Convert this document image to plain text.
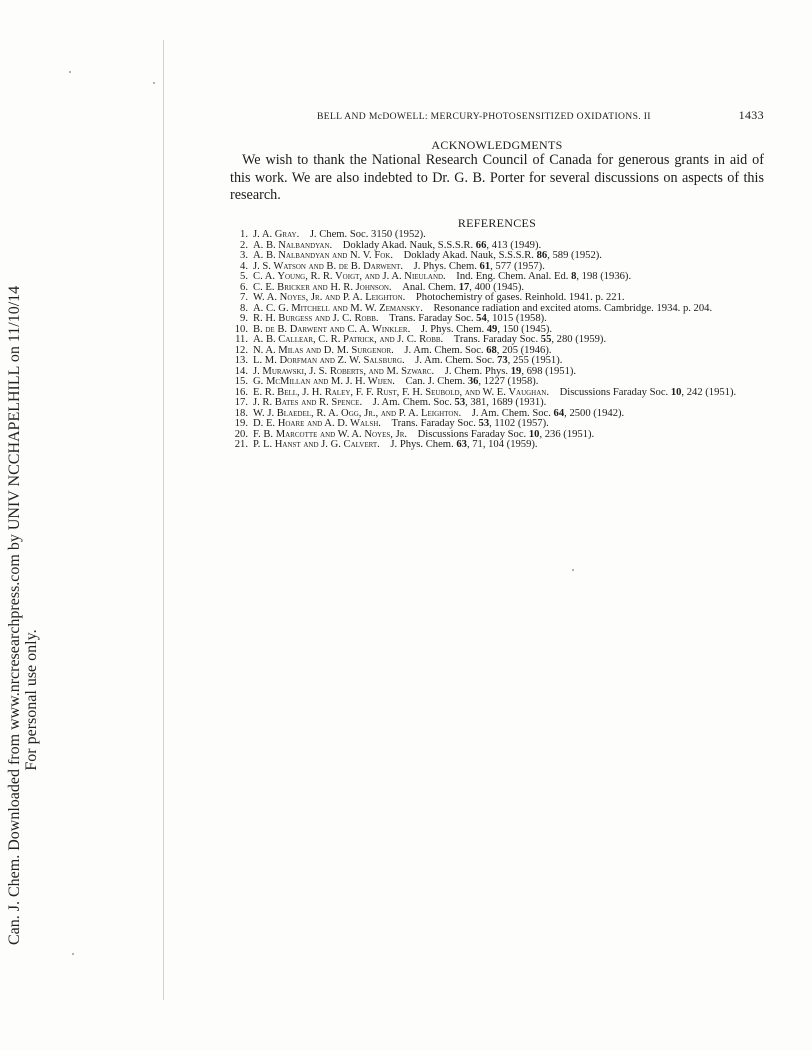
Can. J. Chem. Downloaded from www.nrcresearchpress.com by UNIV NCCHAPELHILL on 11/10/14 For personal use only.
BELL AND McDOWELL: MERCURY-PHOTOSENSITIZED OXIDATIONS. II	1433
ACKNOWLEDGMENTS

We wish to thank the National Research Council of Canada for generous grants in aid of this work. We are also indebted to Dr. G. B. Porter for several discussions on aspects of this research.

REFERENCES
1. J. A. Gray.  J. Chem. Soc. 3150 (1952).
2. A. B. Nalbandyan.  Doklady Akad. Nauk, S.S.S.R. 66, 413 (1949).
3. A. B. Nalbandyan and N. V. Fok.  Doklady Akad. Nauk, S.S.S.R. 86, 589 (1952).
4. J. S. Watson and B. de B. Darwent.  J. Phys. Chem. 61, 577 (1957).
5. C. A. Young, R. R. Voigt, and J. A. Nieuland.  Ind. Eng. Chem. Anal. Ed. 8, 198 (1936).
6. C. E. Bricker and H. R. Johnson.  Anal. Chem. 17, 400 (1945).
7. W. A. Noyes, Jr. and P. A. Leighton.  Photochemistry of gases. Reinhold. 1941. p. 221.
8. A. C. G. Mitchell and M. W. Zemansky.  Resonance radiation and excited atoms. Cambridge. 1934. p. 204.
9. R. H. Burgess and J. C. Robb.  Trans. Faraday Soc. 54, 1015 (1958).
10. B. de B. Darwent and C. A. Winkler.  J. Phys. Chem. 49, 150 (1945).
11. A. B. Callear, C. R. Patrick, and J. C. Robb.  Trans. Faraday Soc. 55, 280 (1959).
12. N. A. Milas and D. M. Surgenor.  J. Am. Chem. Soc. 68, 205 (1946).
13. L. M. Dorfman and Z. W. Salsburg.  J. Am. Chem. Soc. 73, 255 (1951).
14. J. Murawski, J. S. Roberts, and M. Szwarc.  J. Chem. Phys. 19, 698 (1951).
15. G. McMillan and M. J. H. Wijen.  Can. J. Chem. 36, 1227 (1958).
16. E. R. Bell, J. H. Raley, F. F. Rust, F. H. Seubold, and W. E. Vaughan.  Discussions Faraday Soc. 10, 242 (1951).
17. J. R. Bates and R. Spence.  J. Am. Chem. Soc. 53, 381, 1689 (1931).
18. W. J. Blaedel, R. A. Ogg, Jr., and P. A. Leighton.  J. Am. Chem. Soc. 64, 2500 (1942).
19. D. E. Hoare and A. D. Walsh.  Trans. Faraday Soc. 53, 1102 (1957).
20. F. B. Marcotte and W. A. Noyes, Jr.  Discussions Faraday Soc. 10, 236 (1951).
21. P. L. Hanst and J. G. Calvert.  J. Phys. Chem. 63, 71, 104 (1959).
